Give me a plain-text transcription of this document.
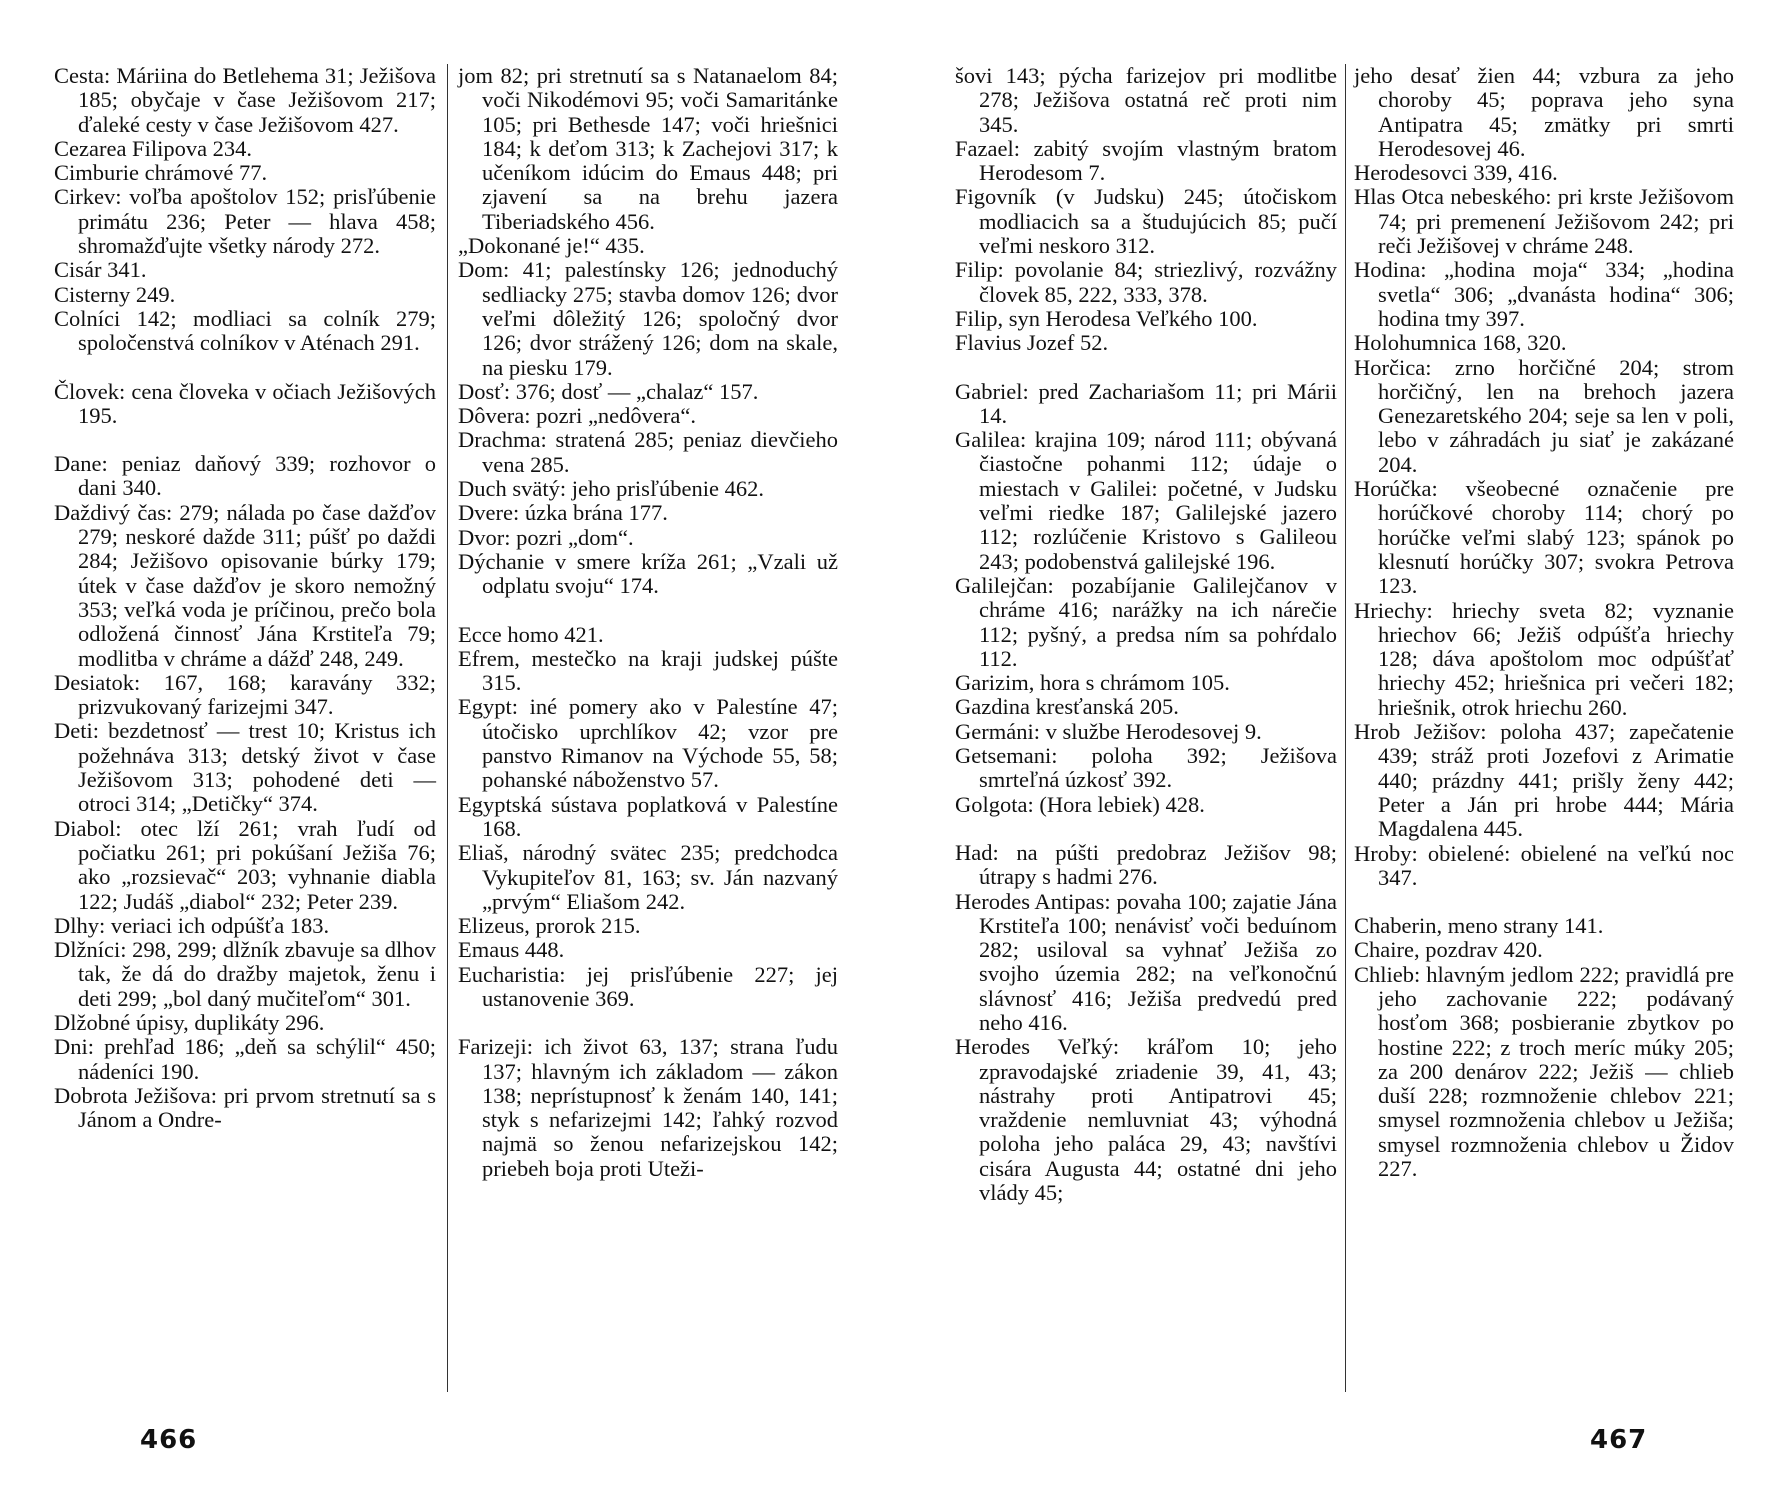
Cesta: Máriina do Betlehema 31; Ježišova 185; obyčaje v čase Ježišovom 217; ďaleké cesty v čase Ježišovom 427.

Cezarea Filipova 234.

Cimburie chrámové 77.

Cirkev: voľba apoštolov 152; prisľúbenie primátu 236; Peter — hlava 458; shromažďujte všetky národy 272.

Cisár 341.

Cisterny 249.

Colníci 142; modliaci sa colník 279; spoločenstvá colníkov v Aténach 291.

Človek: cena človeka v očiach Ježišových 195.

Dane: peniaz daňový 339; rozhovor o dani 340.

Daždivý čas: 279; nálada po čase dažďov 279; neskoré dažde 311; púšť po daždi 284; Ježišovo opisovanie búrky 179; útek v čase dažďov je skoro nemožný 353; veľká voda je príčinou, prečo bola odložená činnosť Jána Krstiteľa 79; modlitba v chráme a dážď 248, 249.

Desiatok: 167, 168; karavány 332; prizvukovaný farizejmi 347.

Deti: bezdetnosť — trest 10; Kristus ich požehnáva 313; detský život v čase Ježišovom 313; pohodené deti — otroci 314; „Detičky“ 374.

Diabol: otec lží 261; vrah ľudí od počiatku 261; pri pokúšaní Ježiša 76; ako „rozsievač“ 203; vyhnanie diabla 122; Judáš „diabol“ 232; Peter 239.

Dlhy: veriaci ich odpúšťa 183.

Dlžníci: 298, 299; dlžník zbavuje sa dlhov tak, že dá do dražby majetok, ženu i deti 299; „bol daný mučiteľom“ 301.

Dlžobné úpisy, duplikáty 296.

Dni: prehľad 186; „deň sa schýlil“ 450; nádeníci 190.

Dobrota Ježišova: pri prvom stretnutí sa s Jánom a Ondre-

jom 82; pri stretnutí sa s Natanaelom 84; voči Nikodémovi 95; voči Samaritánke 105; pri Bethesde 147; voči hriešnici 184; k deťom 313; k Zachejovi 317; k učeníkom idúcim do Emaus 448; pri zjavení sa na brehu jazera Tiberiadského 456.

„Dokonané je!“ 435.

Dom: 41; palestínsky 126; jednoduchý sedliacky 275; stavba domov 126; dvor veľmi dôležitý 126; spoločný dvor 126; dvor strážený 126; dom na skale, na piesku 179.

Dosť: 376; dosť — „chalaz“ 157.

Dôvera: pozri „nedôvera“.

Drachma: stratená 285; peniaz dievčieho vena 285.

Duch svätý: jeho prisľúbenie 462.

Dvere: úzka brána 177.

Dvor: pozri „dom“.

Dýchanie v smere kríža 261; „Vzali už odplatu svoju“ 174.

Ecce homo 421.

Efrem, mestečko na kraji judskej púšte 315.

Egypt: iné pomery ako v Palestíne 47; útočisko uprchlíkov 42; vzor pre panstvo Rimanov na Východe 55, 58; pohanské náboženstvo 57.

Egyptská sústava poplatková v Palestíne 168.

Eliaš, národný svätec 235; predchodca Vykupiteľov 81, 163; sv. Ján nazvaný „prvým“ Eliašom 242.

Elizeus, prorok 215.

Emaus 448.

Eucharistia: jej prisľúbenie 227; jej ustanovenie 369.

Farizeji: ich život 63, 137; strana ľudu 137; hlavným ich základom — zákon 138; neprístupnosť k ženám 140, 141; styk s nefarizejmi 142; ľahký rozvod najmä so ženou nefarizejskou 142; priebeh boja proti Uteži-

466

šovi 143; pýcha farizejov pri modlitbe 278; Ježišova ostatná reč proti nim 345.

Fazael: zabitý svojím vlastným bratom Herodesom 7.

Figovník (v Judsku) 245; útočiskom modliacich sa a študujúcich 85; pučí veľmi neskoro 312.

Filip: povolanie 84; striezlivý, rozvážny človek 85, 222, 333, 378.

Filip, syn Herodesa Veľkého 100.

Flavius Jozef 52.

Gabriel: pred Zachariašom 11; pri Márii 14.

Galilea: krajina 109; národ 111; obývaná čiastočne pohanmi 112; údaje o miestach v Galilei: početné, v Judsku veľmi riedke 187; Galilejské jazero 112; rozlúčenie Kristovo s Galileou 243; podobenstvá galilejské 196.

Galilejčan: pozabíjanie Galilejčanov v chráme 416; narážky na ich nárečie 112; pyšný, a predsa ním sa pohŕdalo 112.

Garizim, hora s chrámom 105.

Gazdina kresťanská 205.

Germáni: v službe Herodesovej 9.

Getsemani: poloha 392; Ježišova smrteľná úzkosť 392.

Golgota: (Hora lebiek) 428.

Had: na púšti predobraz Ježišov 98; útrapy s hadmi 276.

Herodes Antipas: povaha 100; zajatie Jána Krstiteľa 100; nenávisť voči beduínom 282; usiloval sa vyhnať Ježiša zo svojho územia 282; na veľkonočnú slávnosť 416; Ježiša predvedú pred neho 416.

Herodes Veľký: kráľom 10; jeho zpravodajské zriadenie 39, 41, 43; nástrahy proti Antipatrovi 45; vraždenie nemluvniat 43; výhodná poloha jeho paláca 29, 43; navštívi cisára Augusta 44; ostatné dni jeho vlády 45;

jeho desať žien 44; vzbura za jeho choroby 45; poprava jeho syna Antipatra 45; zmätky pri smrti Herodesovej 46.

Herodesovci 339, 416.

Hlas Otca nebeského: pri krste Ježišovom 74; pri premenení Ježišovom 242; pri reči Ježišovej v chráme 248.

Hodina: „hodina moja“ 334; „hodina svetla“ 306; „dvanásta hodina“ 306; hodina tmy 397.

Holohumnica 168, 320.

Horčica: zrno horčičné 204; strom horčičný, len na brehoch jazera Genezaretského 204; seje sa len v poli, lebo v záhradách ju siať je zakázané 204.

Horúčka: všeobecné označenie pre horúčkové choroby 114; chorý po horúčke veľmi slabý 123; spánok po klesnutí horúčky 307; svokra Petrova 123.

Hriechy: hriechy sveta 82; vyznanie hriechov 66; Ježiš odpúšťa hriechy 128; dáva apoštolom moc odpúšťať hriechy 452; hriešnica pri večeri 182; hriešnik, otrok hriechu 260.

Hrob Ježišov: poloha 437; zapečatenie 439; stráž proti Jozefovi z Arimatie 440; prázdny 441; prišly ženy 442; Peter a Ján pri hrobe 444; Mária Magdalena 445.

Hroby: obielené: obielené na veľkú noc 347.

Chaberin, meno strany 141.

Chaire, pozdrav 420.

Chlieb: hlavným jedlom 222; pravidlá pre jeho zachovanie 222; podávaný hosťom 368; posbieranie zbytkov po hostine 222; z troch meríc múky 205; za 200 denárov 222; Ježiš — chlieb duší 228; rozmnoženie chlebov 221; smysel rozmnoženia chlebov u Ježiša; smysel rozmnoženia chlebov u Židov 227.

467
